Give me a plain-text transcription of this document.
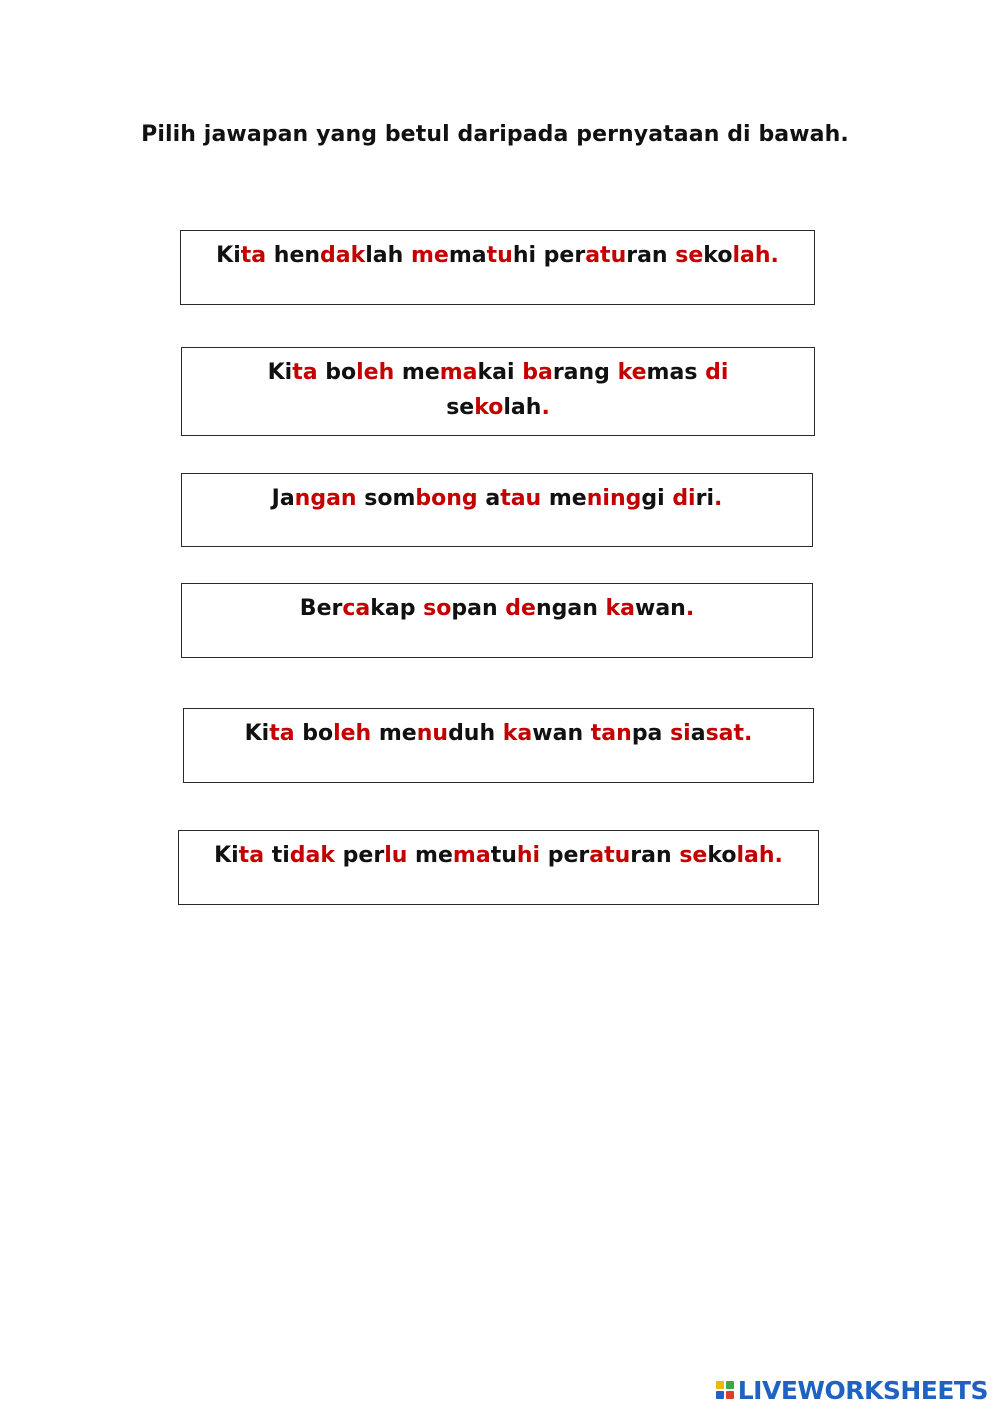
Pilih jawapan yang betul daripada pernyataan di bawah.
Kita hendaklah mematuhi peraturan sekolah.
Kita boleh memakai barang kemas di sekolah.
Jangan sombong atau meninggi diri.
Bercakap sopan dengan kawan.
Kita boleh menuduh kawan tanpa siasat.
Kita tidak perlu mematuhi peraturan sekolah.
LIVEWORKSHEETS
